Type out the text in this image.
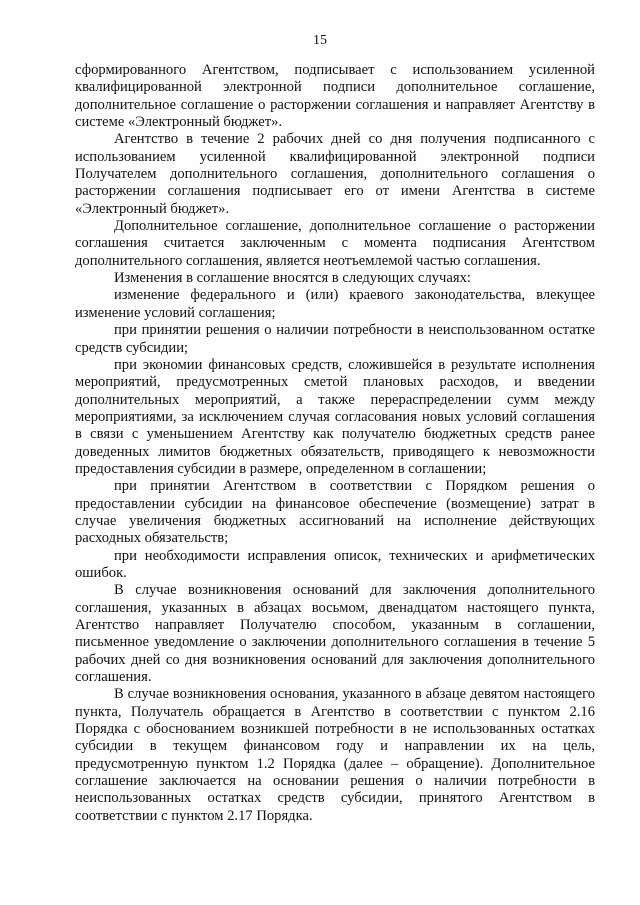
15

сформированного Агентством, подписывает с использованием усиленной квалифицированной электронной подписи дополнительное соглашение, дополнительное соглашение о расторжении соглашения и направляет Агентству в системе «Электронный бюджет».

Агентство в течение 2 рабочих дней со дня получения подписанного с использованием усиленной квалифицированной электронной подписи Получателем дополнительного соглашения, дополнительного соглашения о расторжении соглашения подписывает его от имени Агентства в системе «Электронный бюджет».

Дополнительное соглашение, дополнительное соглашение о расторжении соглашения считается заключенным с момента подписания Агентством дополнительного соглашения, является неотъемлемой частью соглашения.

Изменения в соглашение вносятся в следующих случаях:

изменение федерального и (или) краевого законодательства, влекущее изменение условий соглашения;

при принятии решения о наличии потребности в неиспользованном остатке средств субсидии;

при экономии финансовых средств, сложившейся в результате исполнения мероприятий, предусмотренных сметой плановых расходов, и введении дополнительных мероприятий, а также перераспределении сумм между мероприятиями, за исключением случая согласования новых условий соглашения в связи с уменьшением Агентству как получателю бюджетных средств ранее доведенных лимитов бюджетных обязательств, приводящего к невозможности предоставления субсидии в размере, определенном в соглашении;

при принятии Агентством в соответствии с Порядком решения о предоставлении субсидии на финансовое обеспечение (возмещение) затрат в случае увеличения бюджетных ассигнований на исполнение действующих расходных обязательств;

при необходимости исправления описок, технических и арифметических ошибок.

В случае возникновения оснований для заключения дополнительного соглашения, указанных в абзацах восьмом, двенадцатом настоящего пункта, Агентство направляет Получателю способом, указанным в соглашении, письменное уведомление о заключении дополнительного соглашения в течение 5 рабочих дней со дня возникновения оснований для заключения дополнительного соглашения.

В случае возникновения основания, указанного в абзаце девятом настоящего пункта, Получатель обращается в Агентство в соответствии с пунктом 2.16 Порядка с обоснованием возникшей потребности в не использованных остатках субсидии в текущем финансовом году и направлении их на цель, предусмотренную пунктом 1.2 Порядка (далее – обращение). Дополнительное соглашение заключается на основании решения о наличии потребности в неиспользованных остатках средств субсидии, принятого Агентством в соответствии с пунктом 2.17 Порядка.
